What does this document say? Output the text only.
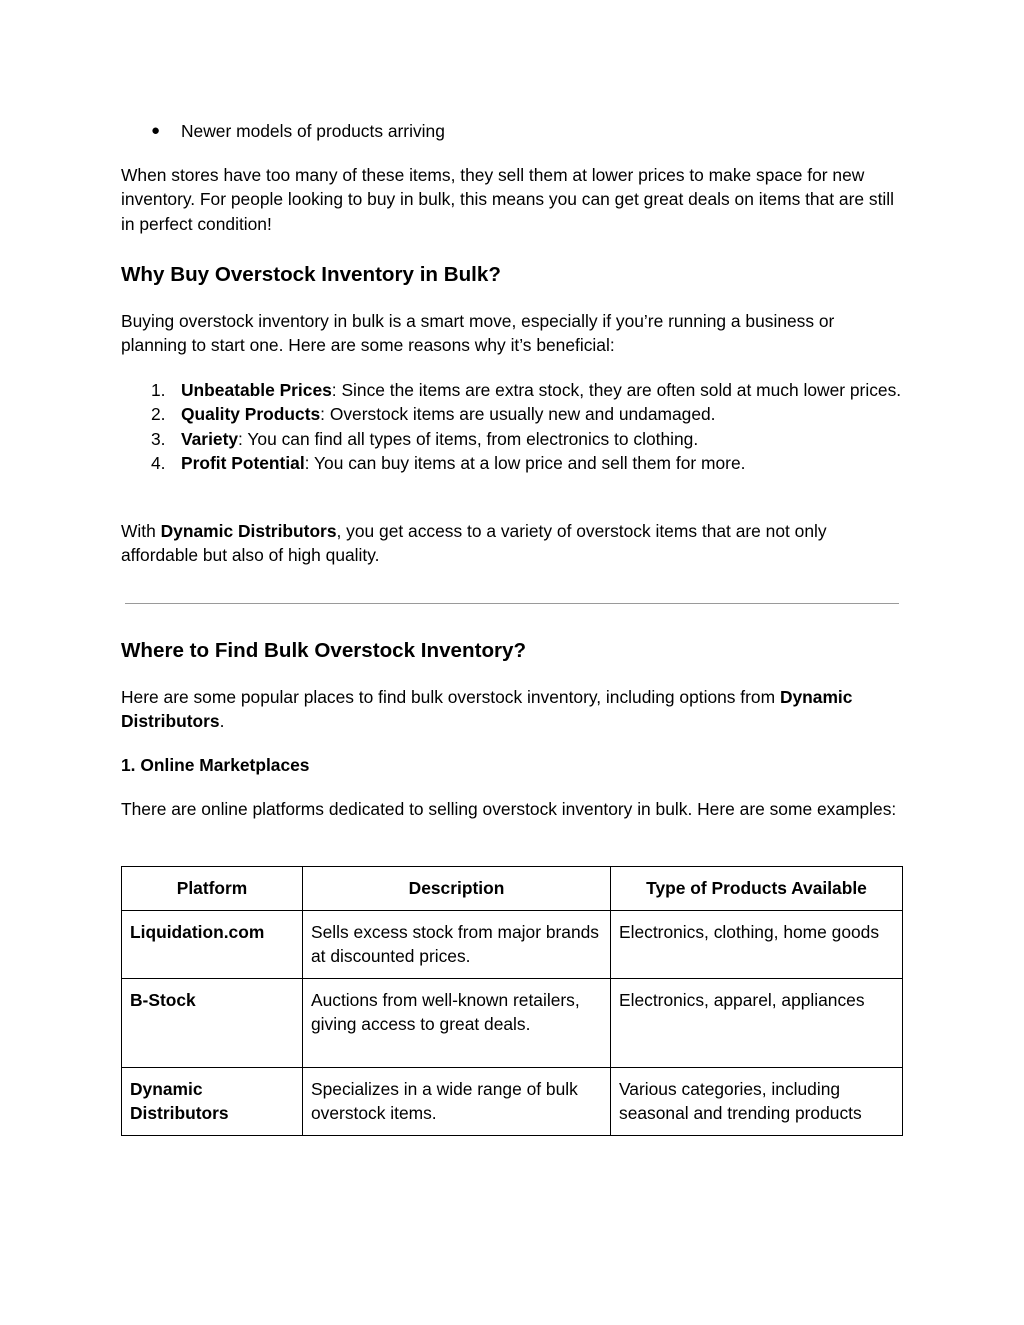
● Newer models of products arriving

When stores have too many of these items, they sell them at lower prices to make space for new inventory. For people looking to buy in bulk, this means you can get great deals on items that are still in perfect condition!

Why Buy Overstock Inventory in Bulk?

Buying overstock inventory in bulk is a smart move, especially if you’re running a business or planning to start one. Here are some reasons why it’s beneficial:

1. Unbeatable Prices: Since the items are extra stock, they are often sold at much lower prices.
2. Quality Products: Overstock items are usually new and undamaged.
3. Variety: You can find all types of items, from electronics to clothing.
4. Profit Potential: You can buy items at a low price and sell them for more.

With Dynamic Distributors, you get access to a variety of overstock items that are not only affordable but also of high quality.

Where to Find Bulk Overstock Inventory?

Here are some popular places to find bulk overstock inventory, including options from Dynamic Distributors.

1. Online Marketplaces

There are online platforms dedicated to selling overstock inventory in bulk. Here are some examples:

Platform	Description	Type of Products Available
Liquidation.com	Sells excess stock from major brands at discounted prices.	Electronics, clothing, home goods
B-Stock	Auctions from well-known retailers, giving access to great deals.	Electronics, apparel, appliances
Dynamic Distributors	Specializes in a wide range of bulk overstock items.	Various categories, including seasonal and trending products
